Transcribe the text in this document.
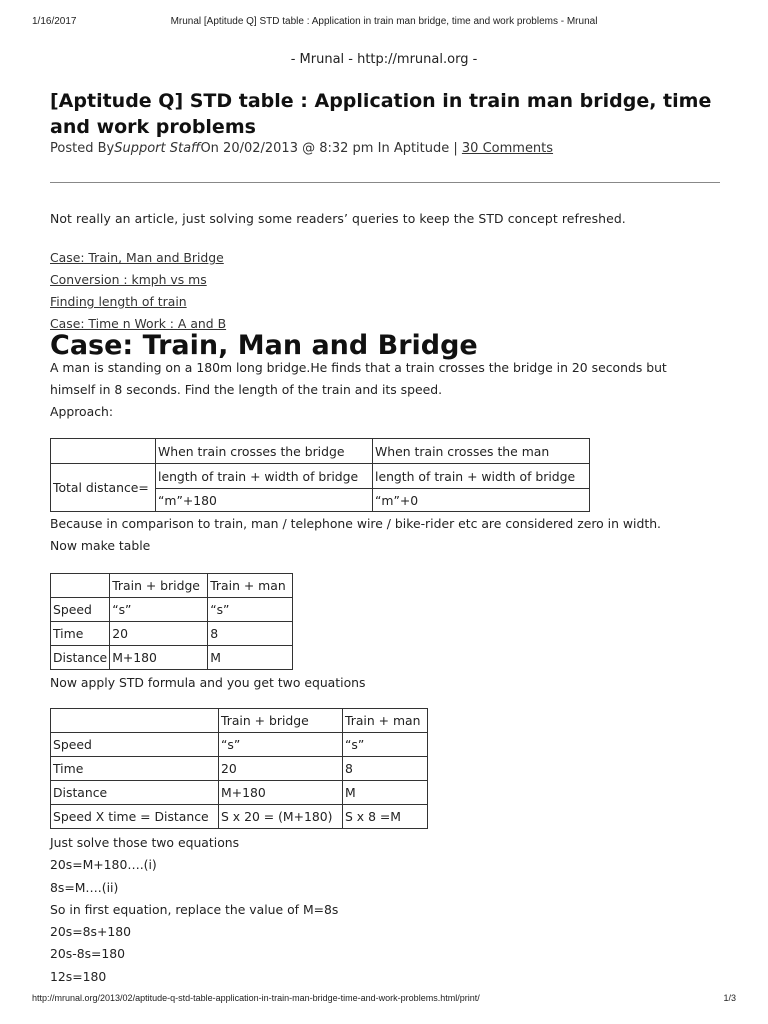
1/16/2017	Mrunal [Aptitude Q] STD table : Application in train man bridge, time and work problems - Mrunal
- Mrunal - http://mrunal.org -
[Aptitude Q] STD table : Application in train man bridge, time and work problems
Posted BySupport StaffOn 20/02/2013 @ 8:32 pm In Aptitude | 30 Comments
Not really an article, just solving some readers’ queries to keep the STD concept refreshed.
Case: Train, Man and Bridge
Conversion : kmph vs ms
Finding length of train
Case: Time n Work : A and B
Case: Train, Man and Bridge
A man is standing on a 180m long bridge.He finds that a train crosses the bridge in 20 seconds but
himself in 8 seconds. Find the length of the train and its speed.
Approach:
	When train crosses the bridge	When train crosses the man
Total distance=	length of train + width of bridge	length of train + width of bridge
	“m”+180	“m”+0
Because in comparison to train, man / telephone wire / bike-rider etc are considered zero in width.
Now make table
	Train + bridge	Train + man
Speed	“s”	“s”
Time	20	8
Distance	M+180	M
Now apply STD formula and you get two equations
	Train + bridge	Train + man
Speed	“s”	“s”
Time	20	8
Distance	M+180	M
Speed X time = Distance	S x 20 = (M+180)	S x 8 =M
Just solve those two equations
20s=M+180….(i)
8s=M….(ii)
So in first equation, replace the value of M=8s
20s=8s+180
20s-8s=180
12s=180
http://mrunal.org/2013/02/aptitude-q-std-table-application-in-train-man-bridge-time-and-work-problems.html/print/	1/3
